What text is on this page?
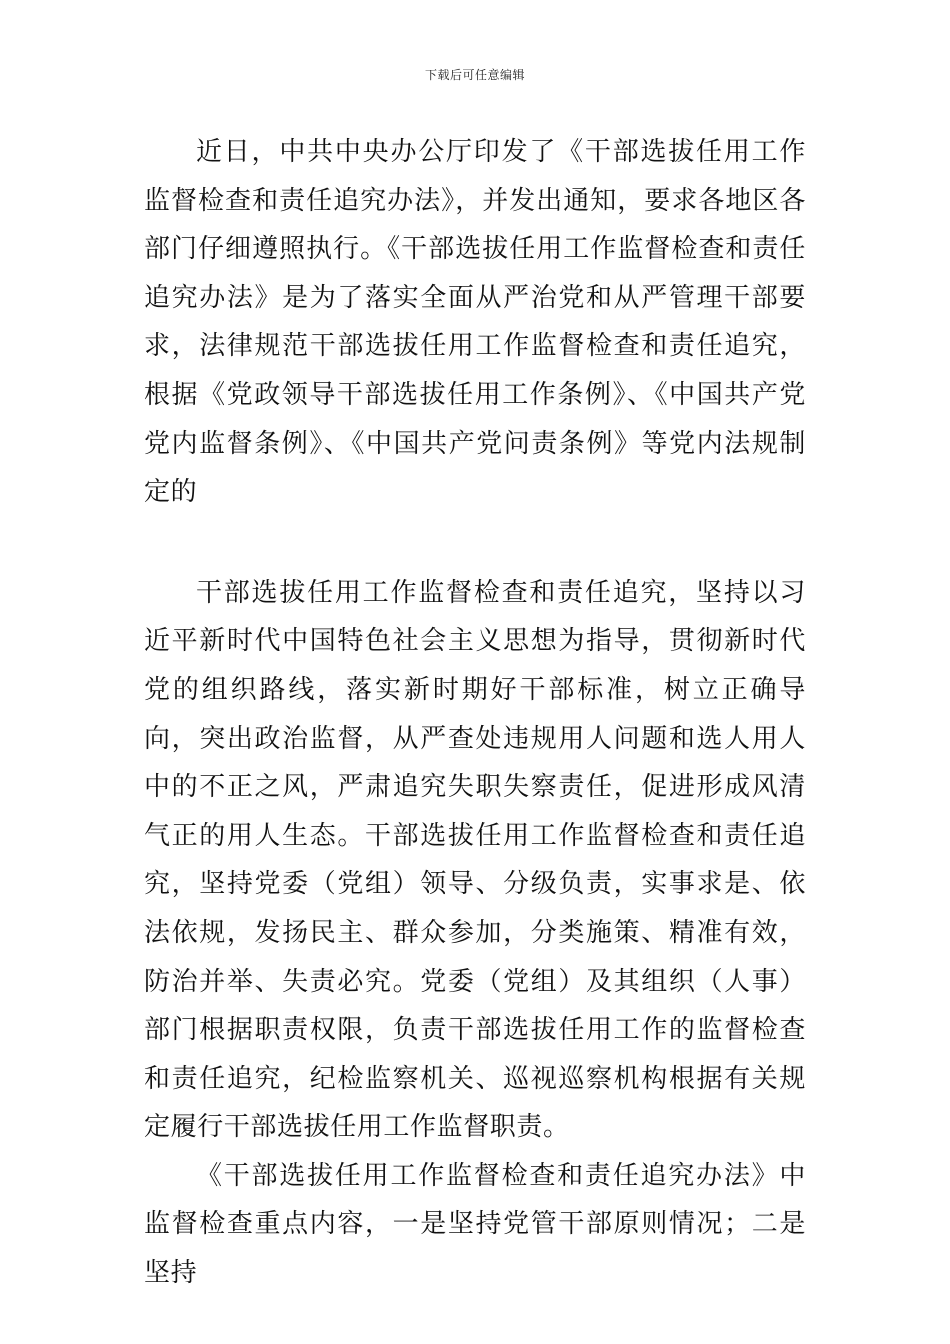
下载后可任意编辑

近日，中共中央办公厅印发了《干部选拔任用工作监督检查和责任追究办法》，并发出通知，要求各地区各部门仔细遵照执行。《干部选拔任用工作监督检查和责任追究办法》是为了落实全面从严治党和从严管理干部要求，法律规范干部选拔任用工作监督检查和责任追究，根据《党政领导干部选拔任用工作条例》、《中国共产党党内监督条例》、《中国共产党问责条例》等党内法规制定的

干部选拔任用工作监督检查和责任追究，坚持以习近平新时代中国特色社会主义思想为指导，贯彻新时代党的组织路线，落实新时期好干部标准，树立正确导向，突出政治监督，从严查处违规用人问题和选人用人中的不正之风，严肃追究失职失察责任，促进形成风清气正的用人生态。干部选拔任用工作监督检查和责任追究，坚持党委（党组）领导、分级负责，实事求是、依法依规，发扬民主、群众参加，分类施策、精准有效，防治并举、失责必究。党委（党组）及其组织（人事）部门根据职责权限，负责干部选拔任用工作的监督检查和责任追究，纪检监察机关、巡视巡察机构根据有关规定履行干部选拔任用工作监督职责。

《干部选拔任用工作监督检查和责任追究办法》中监督检查重点内容，一是坚持党管干部原则情况；二是坚持
